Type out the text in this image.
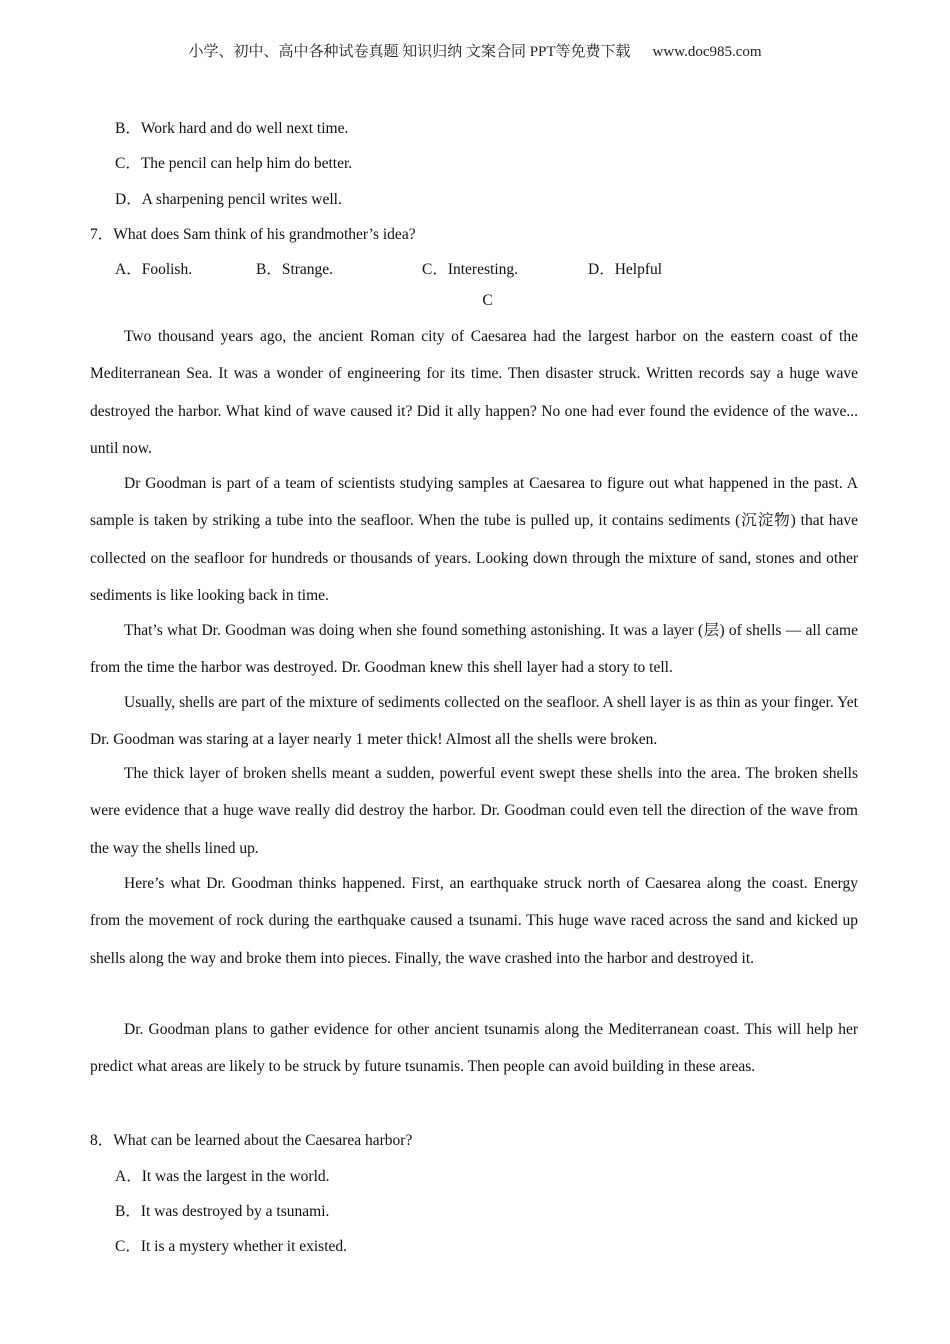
小学、初中、高中各种试卷真题 知识归纳 文案合同 PPT等免费下载 www.doc985.com
B．Work hard and do well next time.
C．The pencil can help him do better.
D．A sharpening pencil writes well.
7．What does Sam think of his grandmother’s idea?
A．Foolish.	B．Strange.	C．Interesting.	D．Helpful
C

Two thousand years ago, the ancient Roman city of Caesarea had the largest harbor on the eastern coast of the Mediterranean Sea. It was a wonder of engineering for its time. Then disaster struck. Written records say a huge wave destroyed the harbor. What kind of wave caused it? Did it ally happen? No one had ever found the evidence of the wave... until now.

Dr Goodman is part of a team of scientists studying samples at Caesarea to figure out what happened in the past. A sample is taken by striking a tube into the seafloor. When the tube is pulled up, it contains sediments (沉淀物) that have collected on the seafloor for hundreds or thousands of years. Looking down through the mixture of sand, stones and other sediments is like looking back in time.

That’s what Dr. Goodman was doing when she found something astonishing. It was a layer (层) of shells — all came from the time the harbor was destroyed. Dr. Goodman knew this shell layer had a story to tell.

Usually, shells are part of the mixture of sediments collected on the seafloor. A shell layer is as thin as your finger. Yet Dr. Goodman was staring at a layer nearly 1 meter thick! Almost all the shells were broken.

The thick layer of broken shells meant a sudden, powerful event swept these shells into the area. The broken shells were evidence that a huge wave really did destroy the harbor. Dr. Goodman could even tell the direction of the wave from the way the shells lined up.

Here’s what Dr. Goodman thinks happened. First, an earthquake struck north of Caesarea along the coast. Energy from the movement of rock during the earthquake caused a tsunami. This huge wave raced across the sand and kicked up shells along the way and broke them into pieces. Finally, the wave crashed into the harbor and destroyed it.

Dr. Goodman plans to gather evidence for other ancient tsunamis along the Mediterranean coast. This will help her predict what areas are likely to be struck by future tsunamis. Then people can avoid building in these areas.

8．What can be learned about the Caesarea harbor?
A．It was the largest in the world.
B．It was destroyed by a tsunami.
C．It is a mystery whether it existed.
